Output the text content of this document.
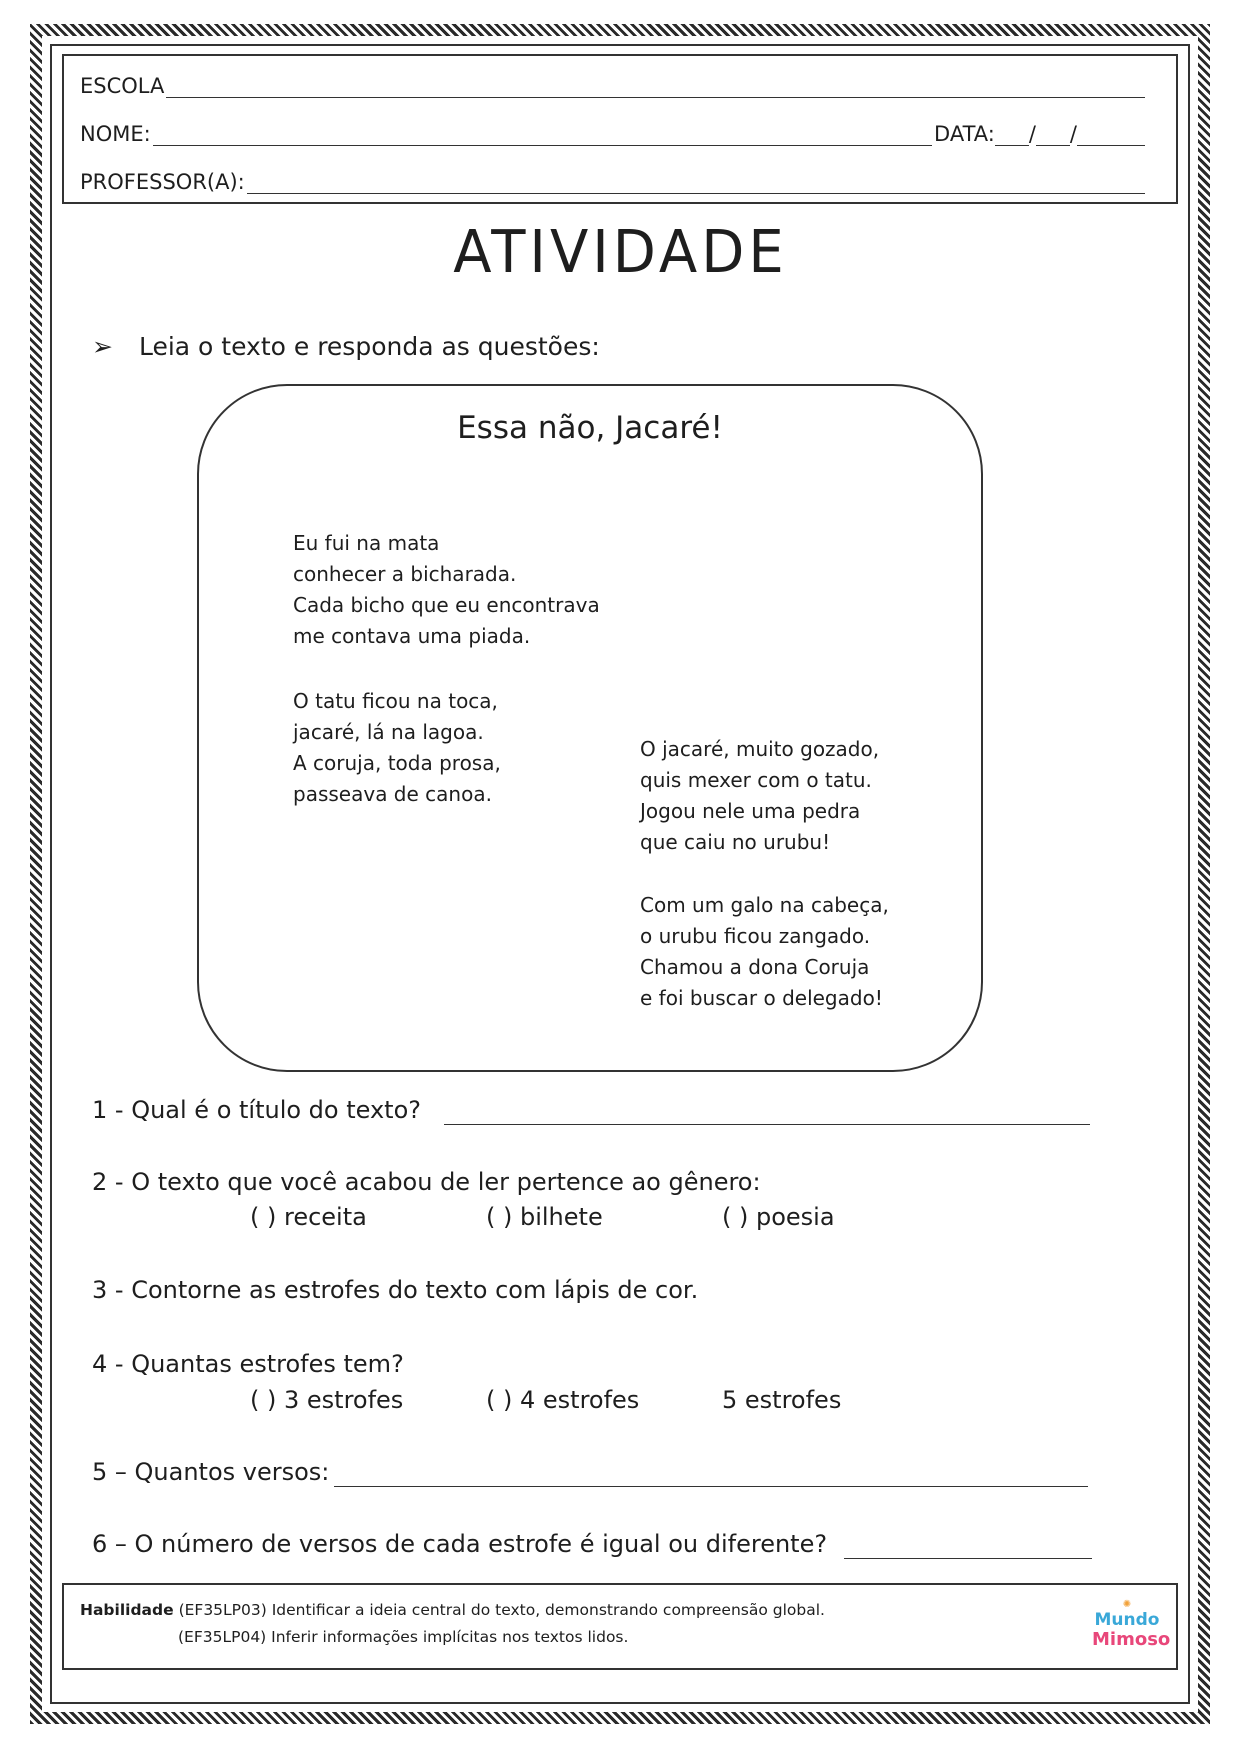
ESCOLA
NOME:	DATA: / /
PROFESSOR(A):
ATIVIDADE
➢ Leia o texto e responda as questões:
Essa não, Jacaré!
Eu fui na mata
conhecer a bicharada.
Cada bicho que eu encontrava
me contava uma piada.
O tatu ficou na toca,
jacaré, lá na lagoa.
A coruja, toda prosa,
passeava de canoa.
O jacaré, muito gozado,
quis mexer com o tatu.
Jogou nele uma pedra
que caiu no urubu!
Com um galo na cabeça,
o urubu ficou zangado.
Chamou a dona Coruja
e foi buscar o delegado!
1 - Qual é o título do texto?
2 - O texto que você acabou de ler pertence ao gênero:
( ) receita	( ) bilhete	( ) poesia
3 - Contorne as estrofes do texto com lápis de cor.
4 - Quantas estrofes tem?
( ) 3 estrofes	( ) 4 estrofes	5 estrofes
5 – Quantos versos:
6 – O número de versos de cada estrofe é igual ou diferente?
Habilidade (EF35LP03) Identificar a ideia central do texto, demonstrando compreensão global.
(EF35LP04) Inferir informações implícitas nos textos lidos.
✺
Mundo
Mimoso
